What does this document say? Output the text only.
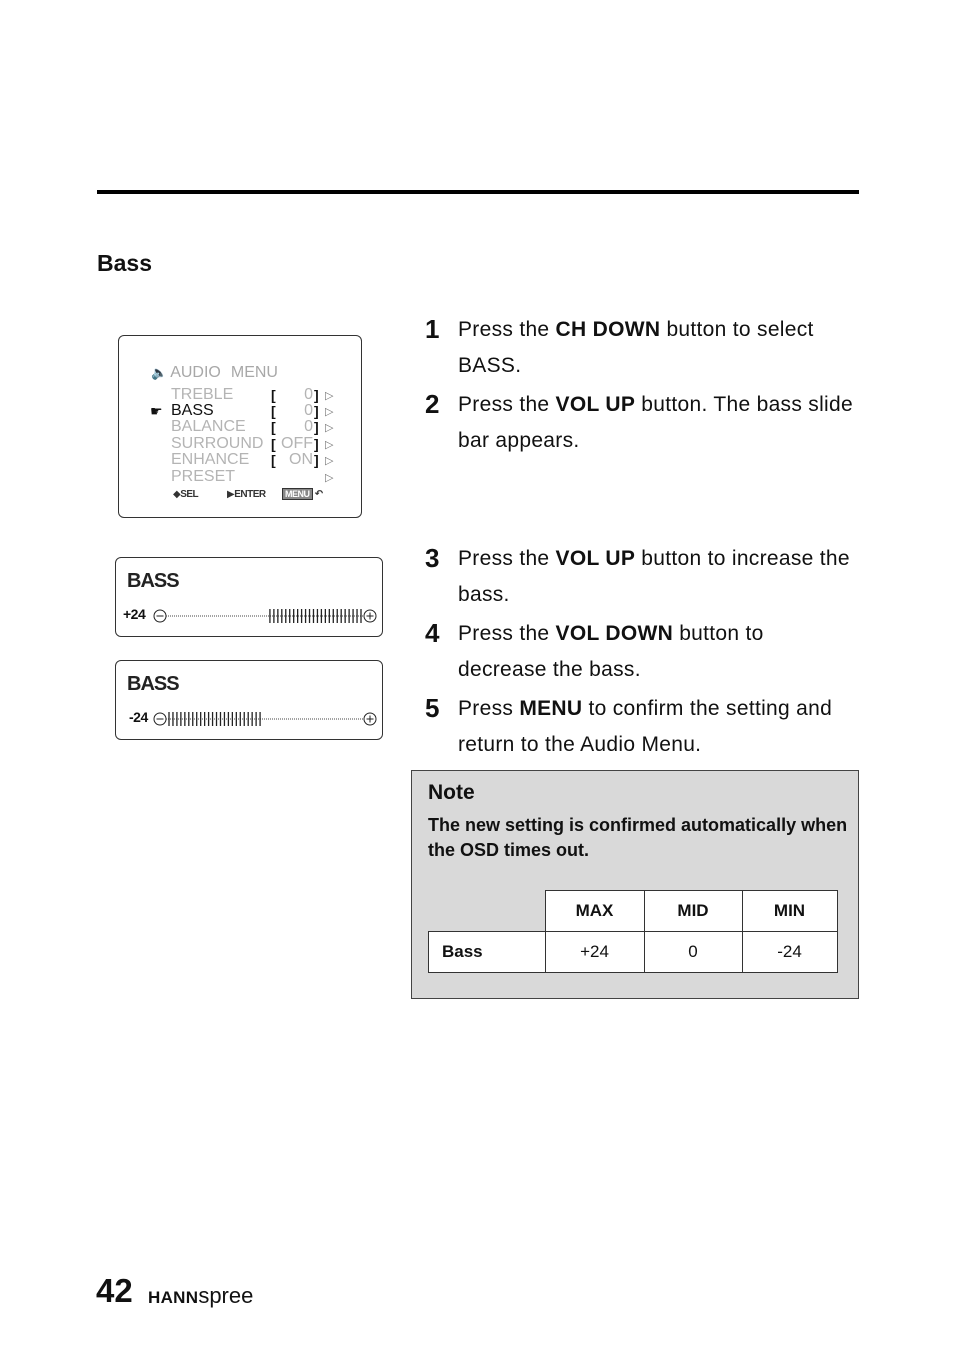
Bass
🔈 AUDIO MENU
TREBLE	[	0 ] ▷
☛ BASS	[	0 ] ▷
BALANCE [	0 ] ▷
SURROUND [ OFF ] ▷
ENHANCE [ ON ] ▷
PRESET	▷
◆SEL	▶ENTER	MENU ↶
BASS
+24
BASS
-24
1 Press the CH DOWN button to select BASS.
2 Press the VOL UP button. The bass slide bar appears.
3 Press the VOL UP button to increase the bass.
4 Press the VOL DOWN button to decrease the bass.
5 Press MENU to confirm the setting and return to the Audio Menu.
Note
The new setting is confirmed automatically when the OSD times out.
	MAX	MID	MIN
Bass	+24	0	-24
42 HANNspree
